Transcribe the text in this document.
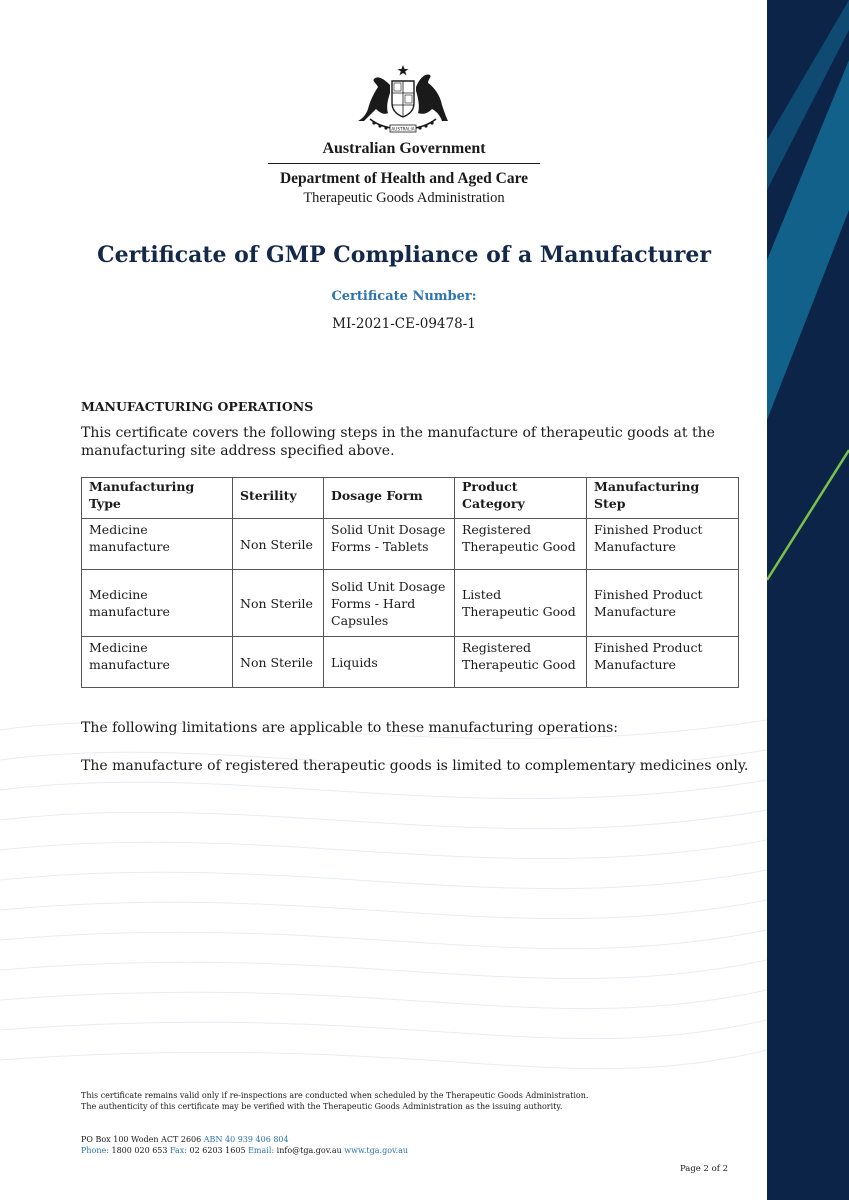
AUSTRALIA
Australian Government
Department of Health and Aged Care
Therapeutic Goods Administration
Certificate of GMP Compliance of a Manufacturer
Certificate Number:
MI-2021-CE-09478-1
MANUFACTURING OPERATIONS
This certificate covers the following steps in the manufacture of therapeutic goods at the manufacturing site address specified above.
Manufacturing Type	Sterility	Dosage Form	Product Category	Manufacturing Step
Medicine manufacture	Non Sterile	Solid Unit Dosage Forms - Tablets	Registered Therapeutic Good	Finished Product Manufacture
Medicine manufacture	Non Sterile	Solid Unit Dosage Forms - Hard Capsules	Listed Therapeutic Good	Finished Product Manufacture
Medicine manufacture	Non Sterile	Liquids	Registered Therapeutic Good	Finished Product Manufacture
The following limitations are applicable to these manufacturing operations:
The manufacture of registered therapeutic goods is limited to complementary medicines only.
This certificate remains valid only if re-inspections are conducted when scheduled by the Therapeutic Goods Administration.
The authenticity of this certificate may be verified with the Therapeutic Goods Administration as the issuing authority.
PO Box 100 Woden ACT 2606 ABN 40 939 406 804
Phone: 1800 020 653 Fax: 02 6203 1605 Email: info@tga.gov.au www.tga.gov.au
Page 2 of 2
